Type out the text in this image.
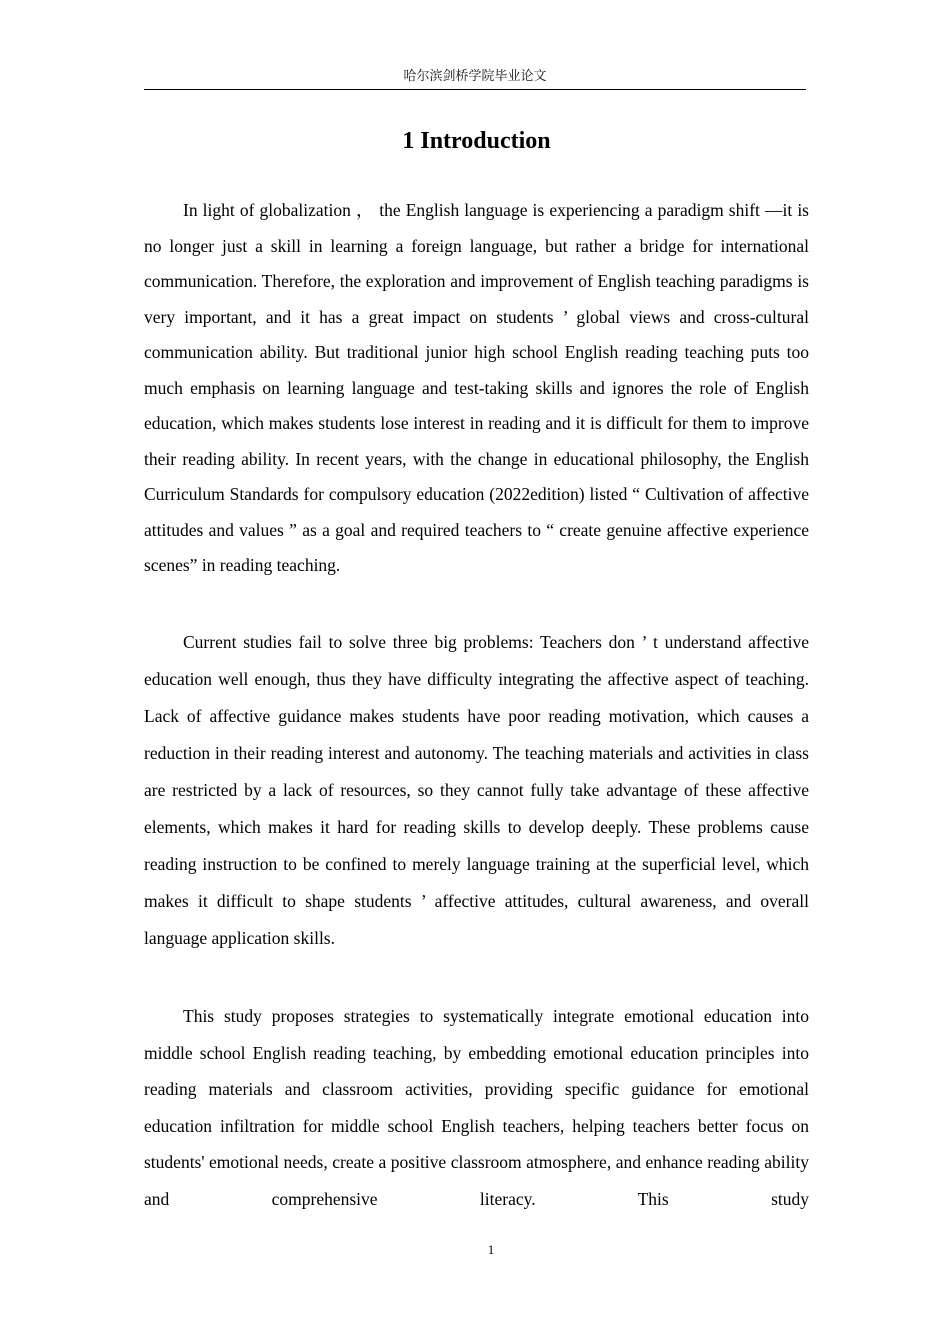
哈尔滨剑桥学院毕业论文
1 Introduction

In light of globalization ， the English language is experiencing a paradigm shift —it is no longer just a skill in learning a foreign language, but rather a bridge for international communication. Therefore, the exploration and improvement of English teaching paradigms is very important, and it has a great impact on students ’ global views and cross-cultural communication ability. But traditional junior high school English reading teaching puts too much emphasis on learning language and test-taking skills and ignores the role of English education, which makes students lose interest in reading and it is difficult for them to improve their reading ability. In recent years, with the change in educational philosophy, the English Curriculum Standards for compulsory education (2022edition) listed “ Cultivation of affective attitudes and values ” as a goal and required teachers to “ create genuine affective experience scenes” in reading teaching.

Current studies fail to solve three big problems: Teachers don ’ t understand affective education well enough, thus they have difficulty integrating the affective aspect of teaching. Lack of affective guidance makes students have poor reading motivation, which causes a reduction in their reading interest and autonomy. The teaching materials and activities in class are restricted by a lack of resources, so they cannot fully take advantage of these affective elements, which makes it hard for reading skills to develop deeply. These problems cause reading instruction to be confined to merely language training at the superficial level, which makes it difficult to shape students ’ affective attitudes, cultural awareness, and overall language application skills.

This study proposes strategies to systematically integrate emotional education into middle school English reading teaching, by embedding emotional education principles into reading materials and classroom activities, providing specific guidance for emotional education infiltration for middle school English teachers, helping teachers better focus on students' emotional needs, create a positive classroom atmosphere, and enhance reading ability and comprehensive literacy. This study

1
